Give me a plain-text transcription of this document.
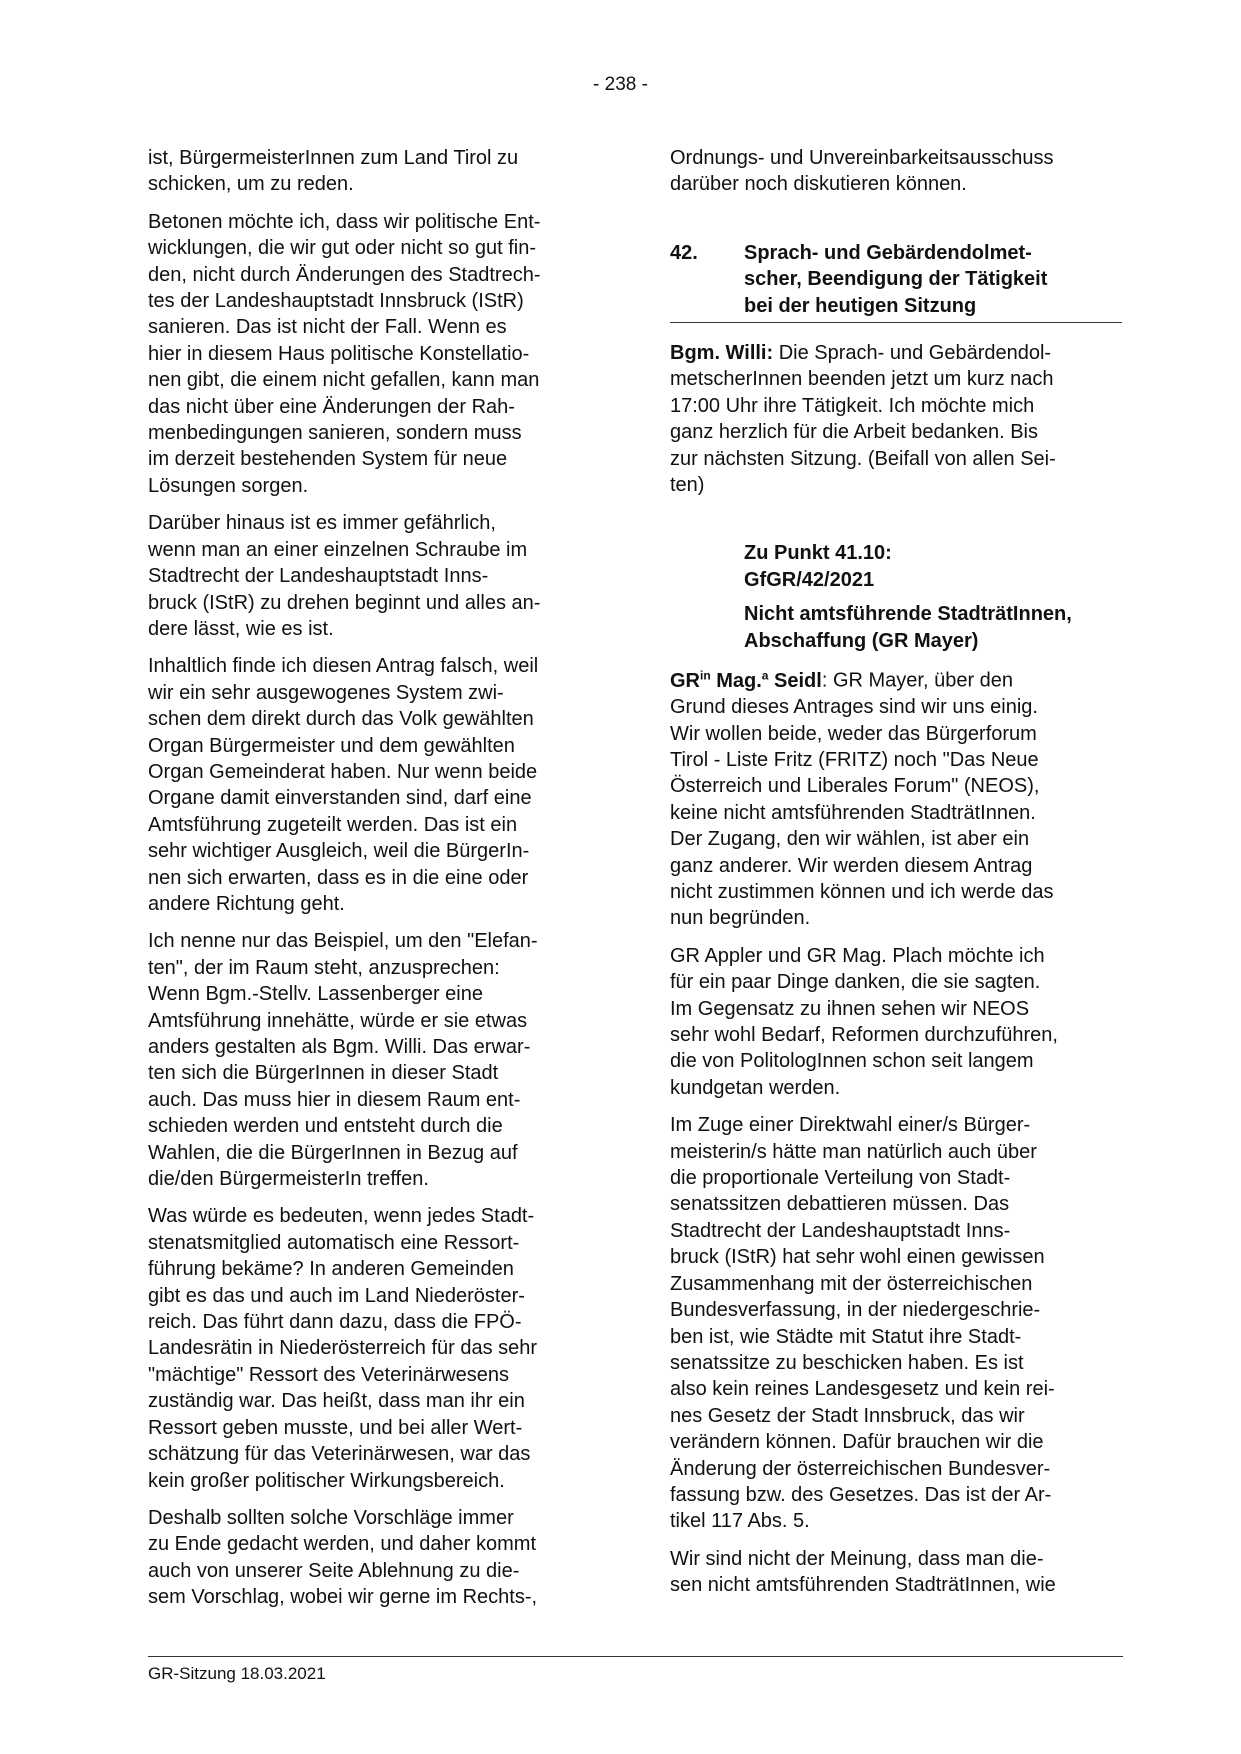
- 238 -

ist, BürgermeisterInnen zum Land Tirol zu
schicken, um zu reden.

Betonen möchte ich, dass wir politische Ent-
wicklungen, die wir gut oder nicht so gut fin-
den, nicht durch Änderungen des Stadtrech-
tes der Landeshauptstadt Innsbruck (IStR)
sanieren. Das ist nicht der Fall. Wenn es
hier in diesem Haus politische Konstellatio-
nen gibt, die einem nicht gefallen, kann man
das nicht über eine Änderungen der Rah-
menbedingungen sanieren, sondern muss
im derzeit bestehenden System für neue
Lösungen sorgen.

Darüber hinaus ist es immer gefährlich,
wenn man an einer einzelnen Schraube im
Stadtrecht der Landeshauptstadt Inns-
bruck (IStR) zu drehen beginnt und alles an-
dere lässt, wie es ist.

Inhaltlich finde ich diesen Antrag falsch, weil
wir ein sehr ausgewogenes System zwi-
schen dem direkt durch das Volk gewählten
Organ Bürgermeister und dem gewählten
Organ Gemeinderat haben. Nur wenn beide
Organe damit einverstanden sind, darf eine
Amtsführung zugeteilt werden. Das ist ein
sehr wichtiger Ausgleich, weil die BürgerIn-
nen sich erwarten, dass es in die eine oder
andere Richtung geht.

Ich nenne nur das Beispiel, um den "Elefan-
ten", der im Raum steht, anzusprechen:
Wenn Bgm.-Stellv. Lassenberger eine
Amtsführung innehätte, würde er sie etwas
anders gestalten als Bgm. Willi. Das erwar-
ten sich die BürgerInnen in dieser Stadt
auch. Das muss hier in diesem Raum ent-
schieden werden und entsteht durch die
Wahlen, die die BürgerInnen in Bezug auf
die/den BürgermeisterIn treffen.

Was würde es bedeuten, wenn jedes Stadt-
stenatsmitglied automatisch eine Ressort-
führung bekäme? In anderen Gemeinden
gibt es das und auch im Land Niederöster-
reich. Das führt dann dazu, dass die FPÖ-
Landesrätin in Niederösterreich für das sehr
"mächtige" Ressort des Veterinärwesens
zuständig war. Das heißt, dass man ihr ein
Ressort geben musste, und bei aller Wert-
schätzung für das Veterinärwesen, war das
kein großer politischer Wirkungsbereich.

Deshalb sollten solche Vorschläge immer
zu Ende gedacht werden, und daher kommt
auch von unserer Seite Ablehnung zu die-
sem Vorschlag, wobei wir gerne im Rechts-,

Ordnungs- und Unvereinbarkeitsausschuss
darüber noch diskutieren können.

42.	Sprach- und Gebärdendolmet-
scher, Beendigung der Tätigkeit
bei der heutigen Sitzung

Bgm. Willi: Die Sprach- und Gebärdendol-
metscherInnen beenden jetzt um kurz nach
17:00 Uhr ihre Tätigkeit. Ich möchte mich
ganz herzlich für die Arbeit bedanken. Bis
zur nächsten Sitzung. (Beifall von allen Sei-
ten)

Zu Punkt 41.10:
GfGR/42/2021
Nicht amtsführende StadträtInnen,
Abschaffung (GR Mayer)

$GR^{in}$ Mag.$^a$ Seidl: GR Mayer, über den
Grund dieses Antrages sind wir uns einig.
Wir wollen beide, weder das Bürgerforum
Tirol - Liste Fritz (FRITZ) noch "Das Neue
Österreich und Liberales Forum" (NEOS),
keine nicht amtsführenden StadträtInnen.
Der Zugang, den wir wählen, ist aber ein
ganz anderer. Wir werden diesem Antrag
nicht zustimmen können und ich werde das
nun begründen.

GR Appler und GR Mag. Plach möchte ich
für ein paar Dinge danken, die sie sagten.
Im Gegensatz zu ihnen sehen wir NEOS
sehr wohl Bedarf, Reformen durchzuführen,
die von PolitologInnen schon seit langem
kundgetan werden.

Im Zuge einer Direktwahl einer/s Bürger-
meisterin/s hätte man natürlich auch über
die proportionale Verteilung von Stadt-
senatssitzen debattieren müssen. Das
Stadtrecht der Landeshauptstadt Inns-
bruck (IStR) hat sehr wohl einen gewissen
Zusammenhang mit der österreichischen
Bundesverfassung, in der niedergeschrie-
ben ist, wie Städte mit Statut ihre Stadt-
senatssitze zu beschicken haben. Es ist
also kein reines Landesgesetz und kein rei-
nes Gesetz der Stadt Innsbruck, das wir
verändern können. Dafür brauchen wir die
Änderung der österreichischen Bundesver-
fassung bzw. des Gesetzes. Das ist der Ar-
tikel 117 Abs. 5.

Wir sind nicht der Meinung, dass man die-
sen nicht amtsführenden StadträtInnen, wie

GR-Sitzung 18.03.2021
